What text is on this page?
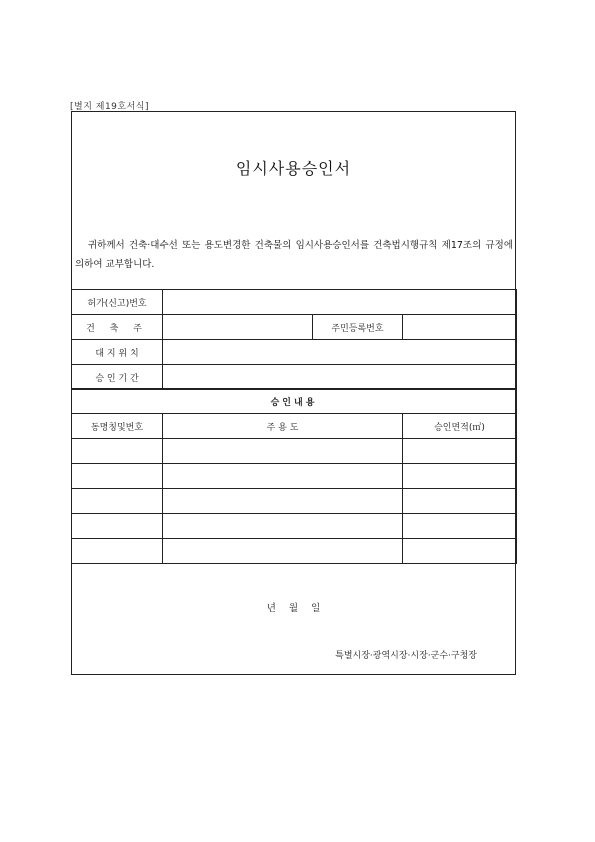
[별지 제19호서식]
임시사용승인서
귀하께서 건축·대수선 또는 용도변경한 건축물의 임시사용승인서를 건축법시행규칙 제17조의 규정에 의하여 교부합니다.
허가(신고)번호			
건 축 주		주민등록번호	
대 지 위 치			
승 인 기 간			
승인내용		
동명칭및번호	주 용 도	승인면적(㎡)

년 월 일
특별시장·광역시장·시장·군수·구청장
